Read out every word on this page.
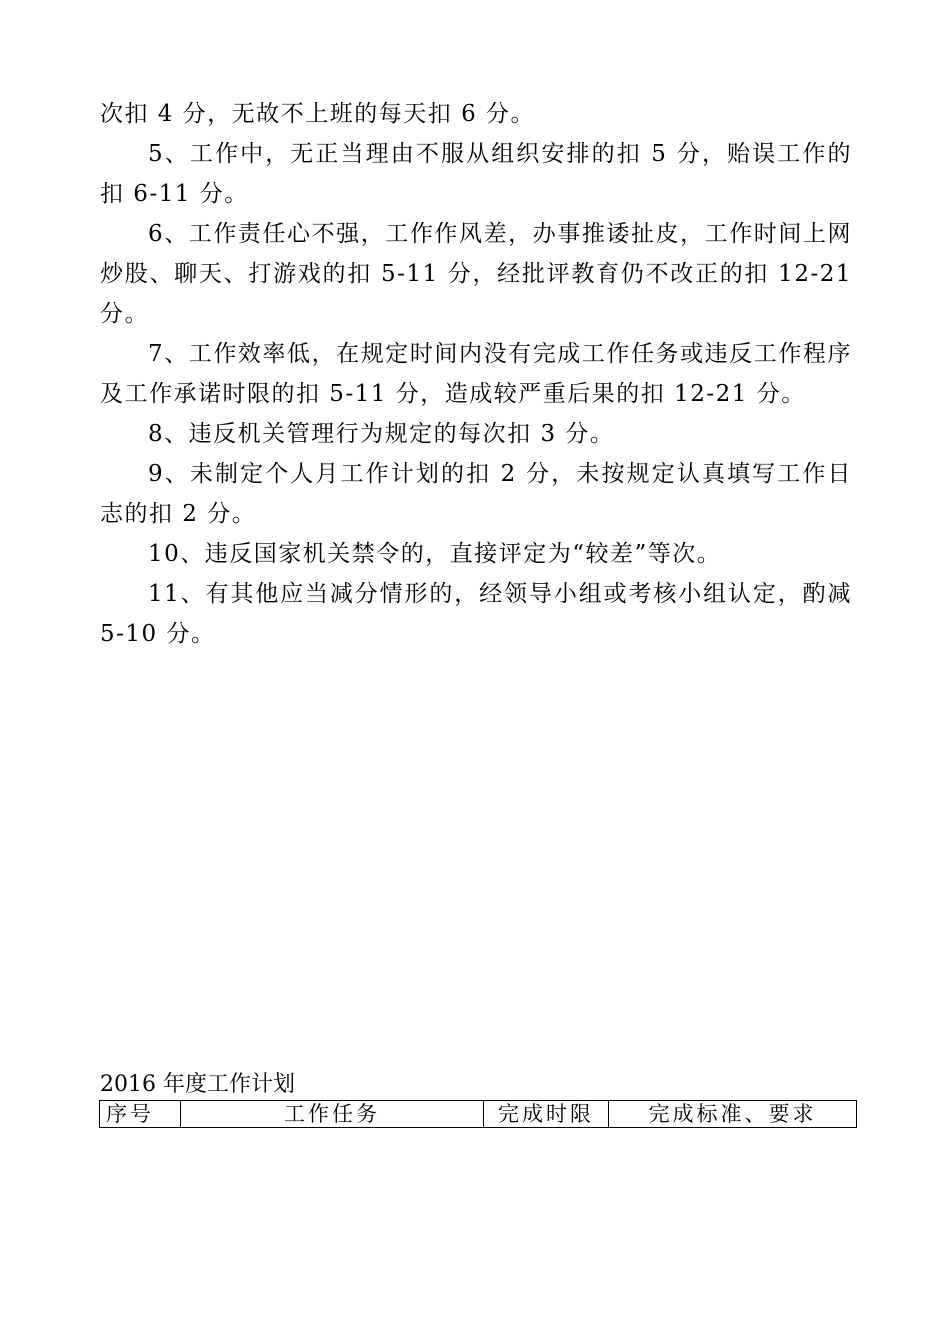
次扣 4 分，无故不上班的每天扣 6 分。

5、工作中，无正当理由不服从组织安排的扣 5 分，贻误工作的扣 6-11 分。

6、工作责任心不强，工作作风差，办事推诿扯皮，工作时间上网炒股、聊天、打游戏的扣 5-11 分，经批评教育仍不改正的扣 12-21 分。

7、工作效率低，在规定时间内没有完成工作任务或违反工作程序及工作承诺时限的扣 5-11 分，造成较严重后果的扣 12-21 分。

8、违反机关管理行为规定的每次扣 3 分。

9、未制定个人月工作计划的扣 2 分，未按规定认真填写工作日志的扣 2 分。

10、违反国家机关禁令的，直接评定为“较差”等次。

11、有其他应当减分情形的，经领导小组或考核小组认定，酌减 5-10 分。

2016 年度工作计划

序号	工作任务	完成时限	完成标准、要求
